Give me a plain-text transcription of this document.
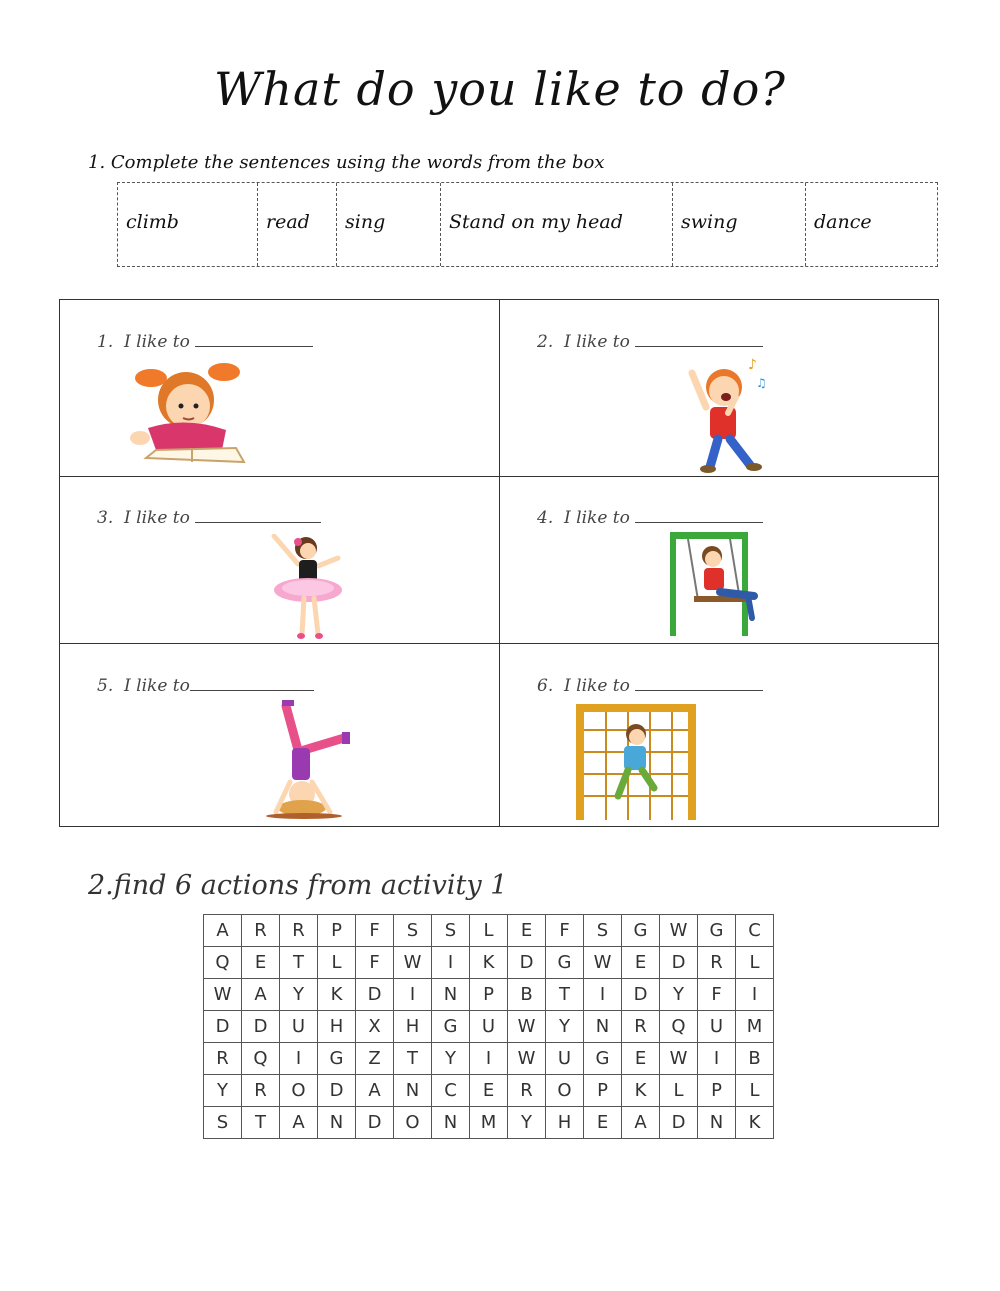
What do you like to do?
1. Complete the sentences using the words from the box
climb	read	sing	Stand on my head	swing	dance
1. I like to	2. I like to
3. I like to	4. I like to
5. I like to	6. I like to
♪
♫
2.find 6 actions from activity 1
A	R	R	P	F	S	S	L	E	F	S	G	W	G	C
Q	E	T	L	F	W	I	K	D	G	W	E	D	R	L
W	A	Y	K	D	I	N	P	B	T	I	D	Y	F	I
D	D	U	H	X	H	G	U	W	Y	N	R	Q	U	M
R	Q	I	G	Z	T	Y	I	W	U	G	E	W	I	B
Y	R	O	D	A	N	C	E	R	O	P	K	L	P	L
S	T	A	N	D	O	N	M	Y	H	E	A	D	N	K
